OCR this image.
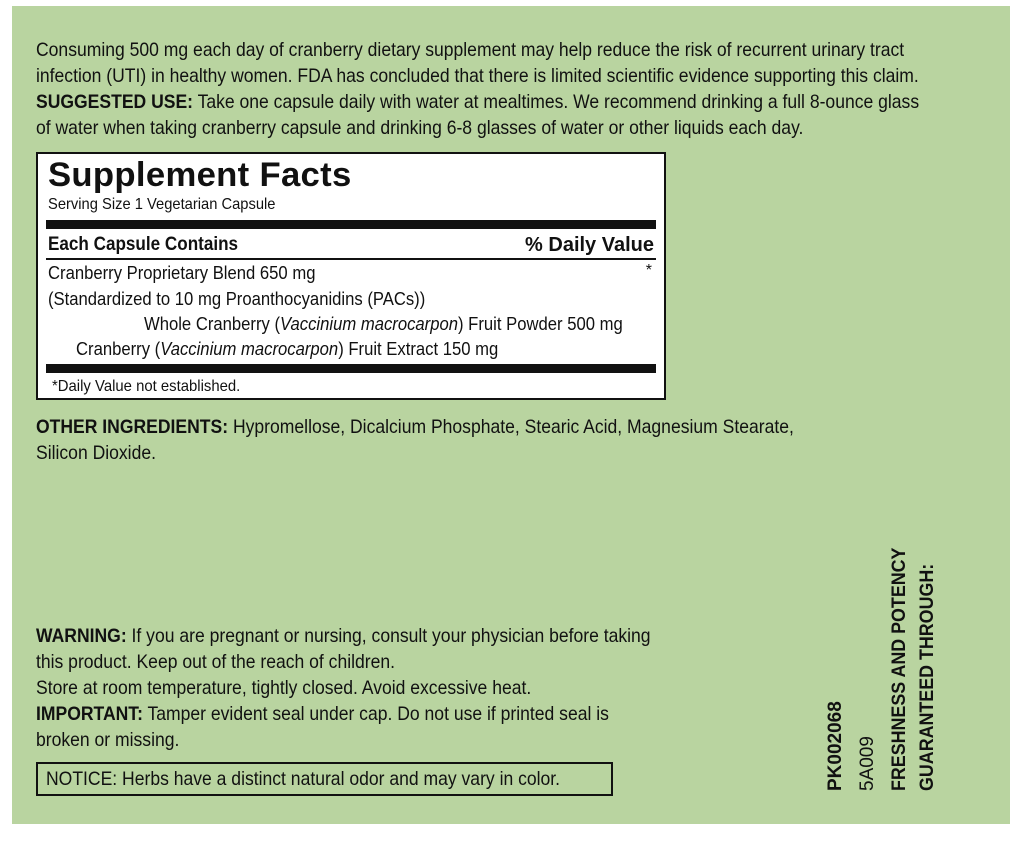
Consuming 500 mg each day of cranberry dietary supplement may help reduce the risk of recurrent urinary tract
infection (UTI) in healthy women. FDA has concluded that there is limited scientific evidence supporting this claim.
SUGGESTED USE: Take one capsule daily with water at mealtimes. We recommend drinking a full 8-ounce glass
of water when taking cranberry capsule and drinking 6-8 glasses of water or other liquids each day.
Supplement Facts
Serving Size 1 Vegetarian Capsule
Each Capsule Contains	% Daily Value
Cranberry Proprietary Blend 650 mg	*
(Standardized to 10 mg Proanthocyanidins (PACs))
Whole Cranberry (Vaccinium macrocarpon) Fruit Powder 500 mg
Cranberry (Vaccinium macrocarpon) Fruit Extract 150 mg
*Daily Value not established.
OTHER INGREDIENTS: Hypromellose, Dicalcium Phosphate, Stearic Acid, Magnesium Stearate,
Silicon Dioxide.
WARNING: If you are pregnant or nursing, consult your physician before taking
this product. Keep out of the reach of children.
Store at room temperature, tightly closed. Avoid excessive heat.
IMPORTANT: Tamper evident seal under cap. Do not use if printed seal is
broken or missing.
NOTICE: Herbs have a distinct natural odor and may vary in color.	PK002068 5A009 FRESHNESS AND POTENCY GUARANTEED THROUGH:
